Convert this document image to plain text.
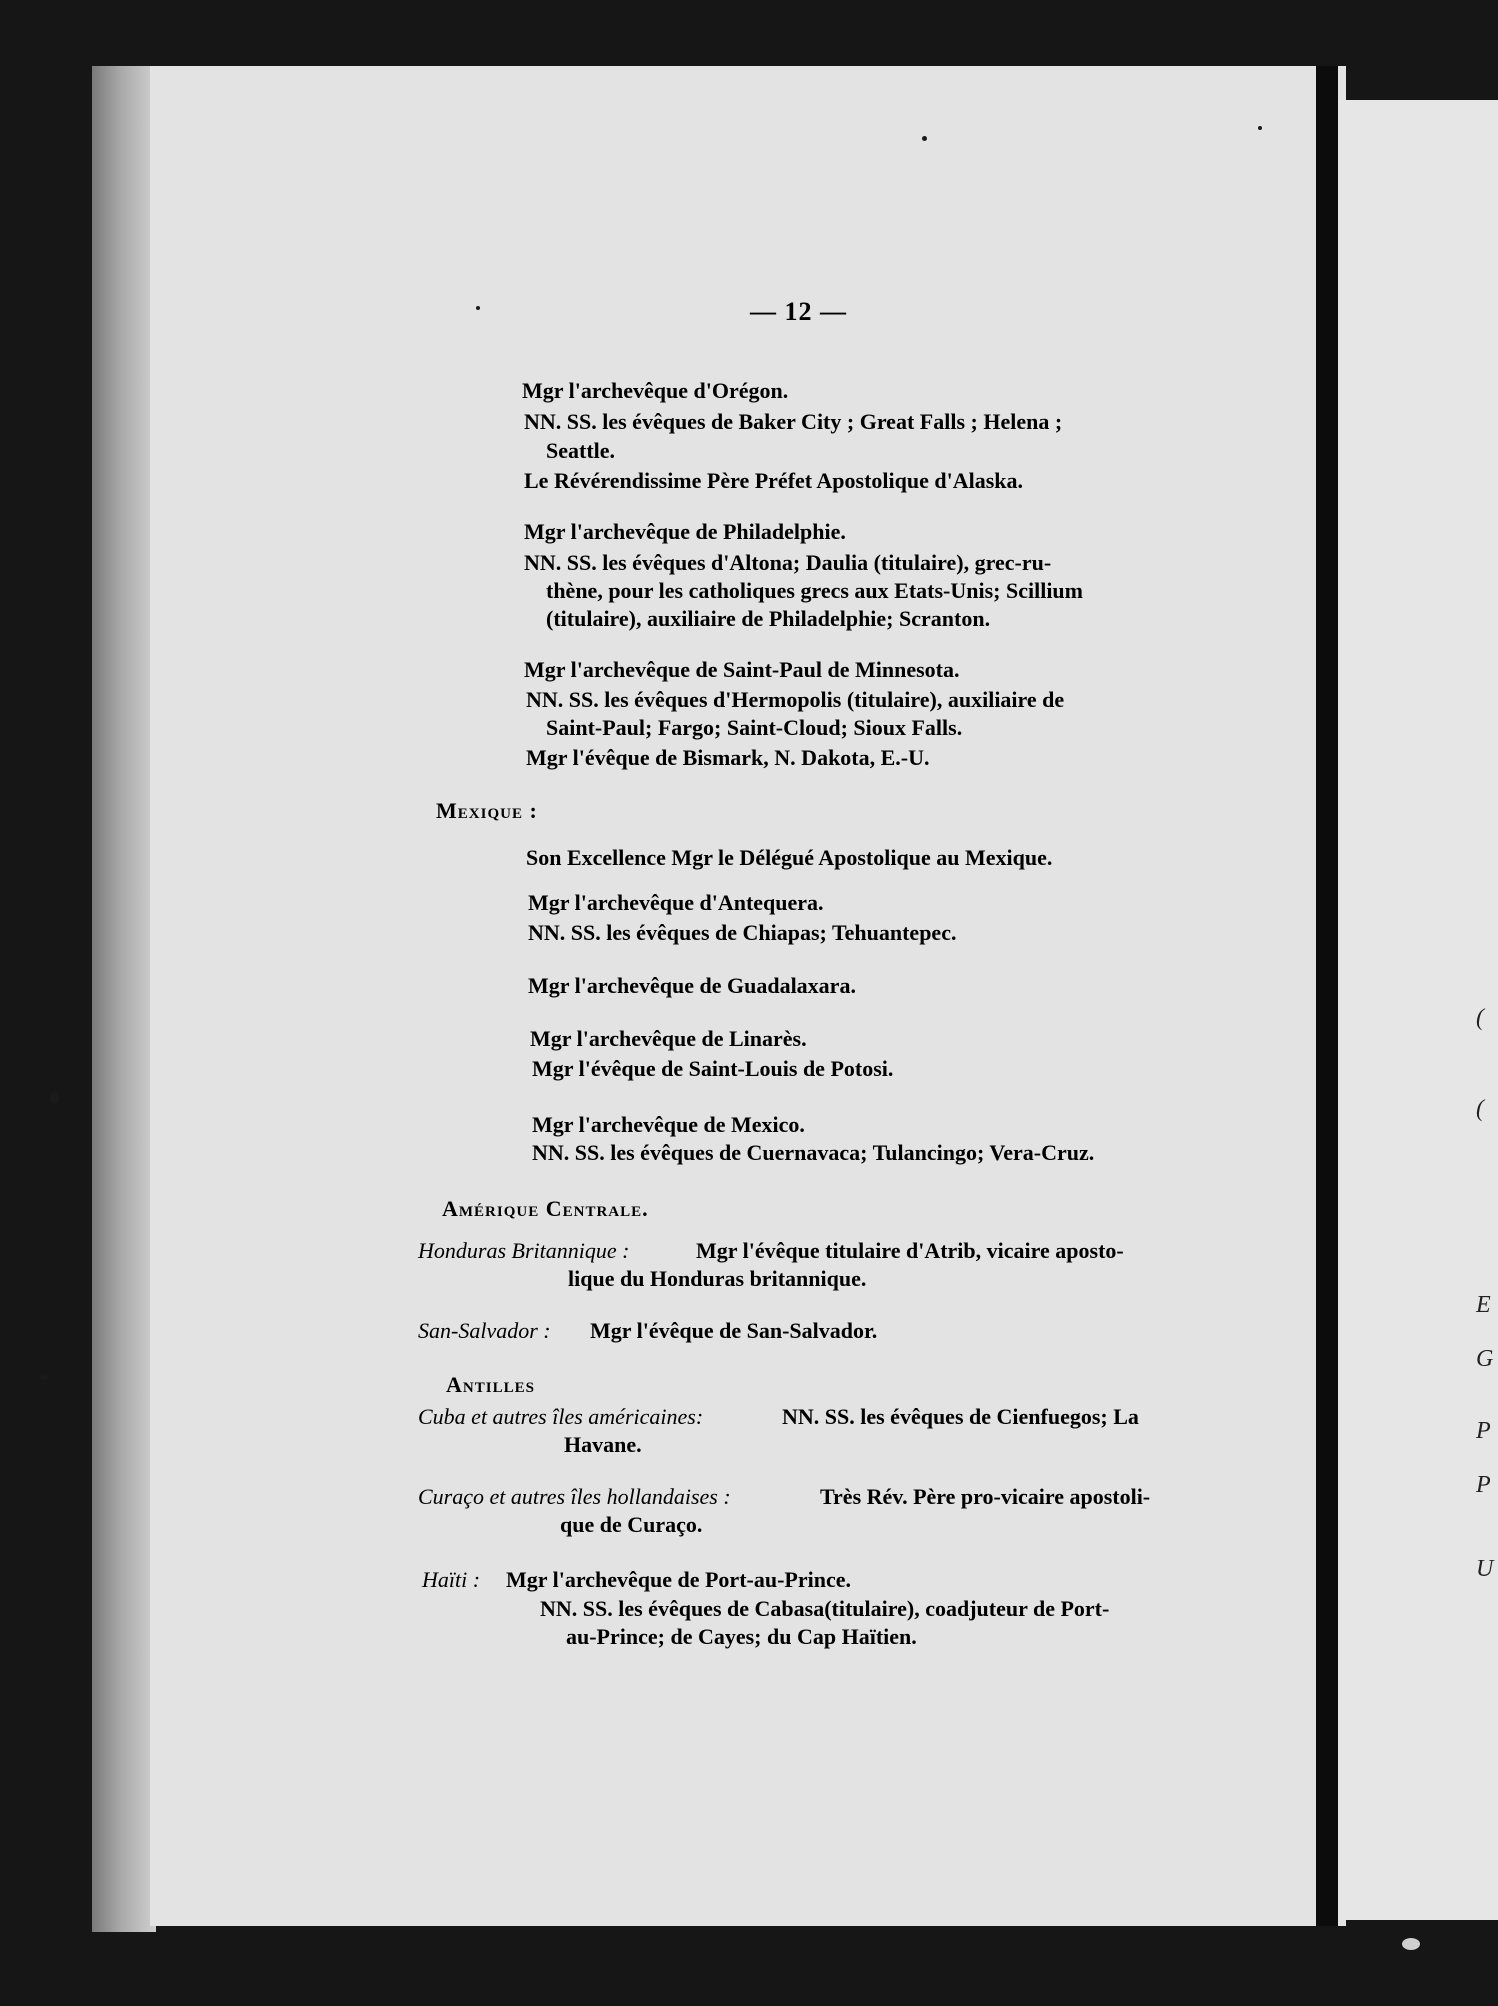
(
(
E
G
P
P
U
— 12 —
Mgr l'archevêque d'Orégon.
NN. SS. les évêques de Baker City ; Great Falls ; Helena ;
Seattle.
Le Révérendissime Père Préfet Apostolique d'Alaska.
Mgr l'archevêque de Philadelphie.
NN. SS. les évêques d'Altona; Daulia (titulaire), grec-ru-
thène, pour les catholiques grecs aux Etats-Unis; Scillium
(titulaire), auxiliaire de Philadelphie; Scranton.
Mgr l'archevêque de Saint-Paul de Minnesota.
NN. SS. les évêques d'Hermopolis (titulaire), auxiliaire de
Saint-Paul; Fargo; Saint-Cloud; Sioux Falls.
Mgr l'évêque de Bismark, N. Dakota, E.-U.
Mexique :
Son Excellence Mgr le Délégué Apostolique au Mexique.
Mgr l'archevêque d'Antequera.
NN. SS. les évêques de Chiapas; Tehuantepec.
Mgr l'archevêque de Guadalaxara.
Mgr l'archevêque de Linarès.
Mgr l'évêque de Saint-Louis de Potosi.
Mgr l'archevêque de Mexico.
NN. SS. les évêques de Cuernavaca; Tulancingo; Vera-Cruz.
Amérique Centrale.
Honduras Britannique :	Mgr l'évêque titulaire d'Atrib, vicaire aposto-
lique du Honduras britannique.
San-Salvador : Mgr l'évêque de San-Salvador.
Antilles
Cuba et autres îles américaines:	NN. SS. les évêques de Cienfuegos; La
Havane.
Curaço et autres îles hollandaises :	Très Rév. Père pro-vicaire apostoli-
que de Curaço.
Haïti : Mgr l'archevêque de Port-au-Prince.
NN. SS. les évêques de Cabasa(titulaire), coadjuteur de Port-
au-Prince; de Cayes; du Cap Haïtien.
